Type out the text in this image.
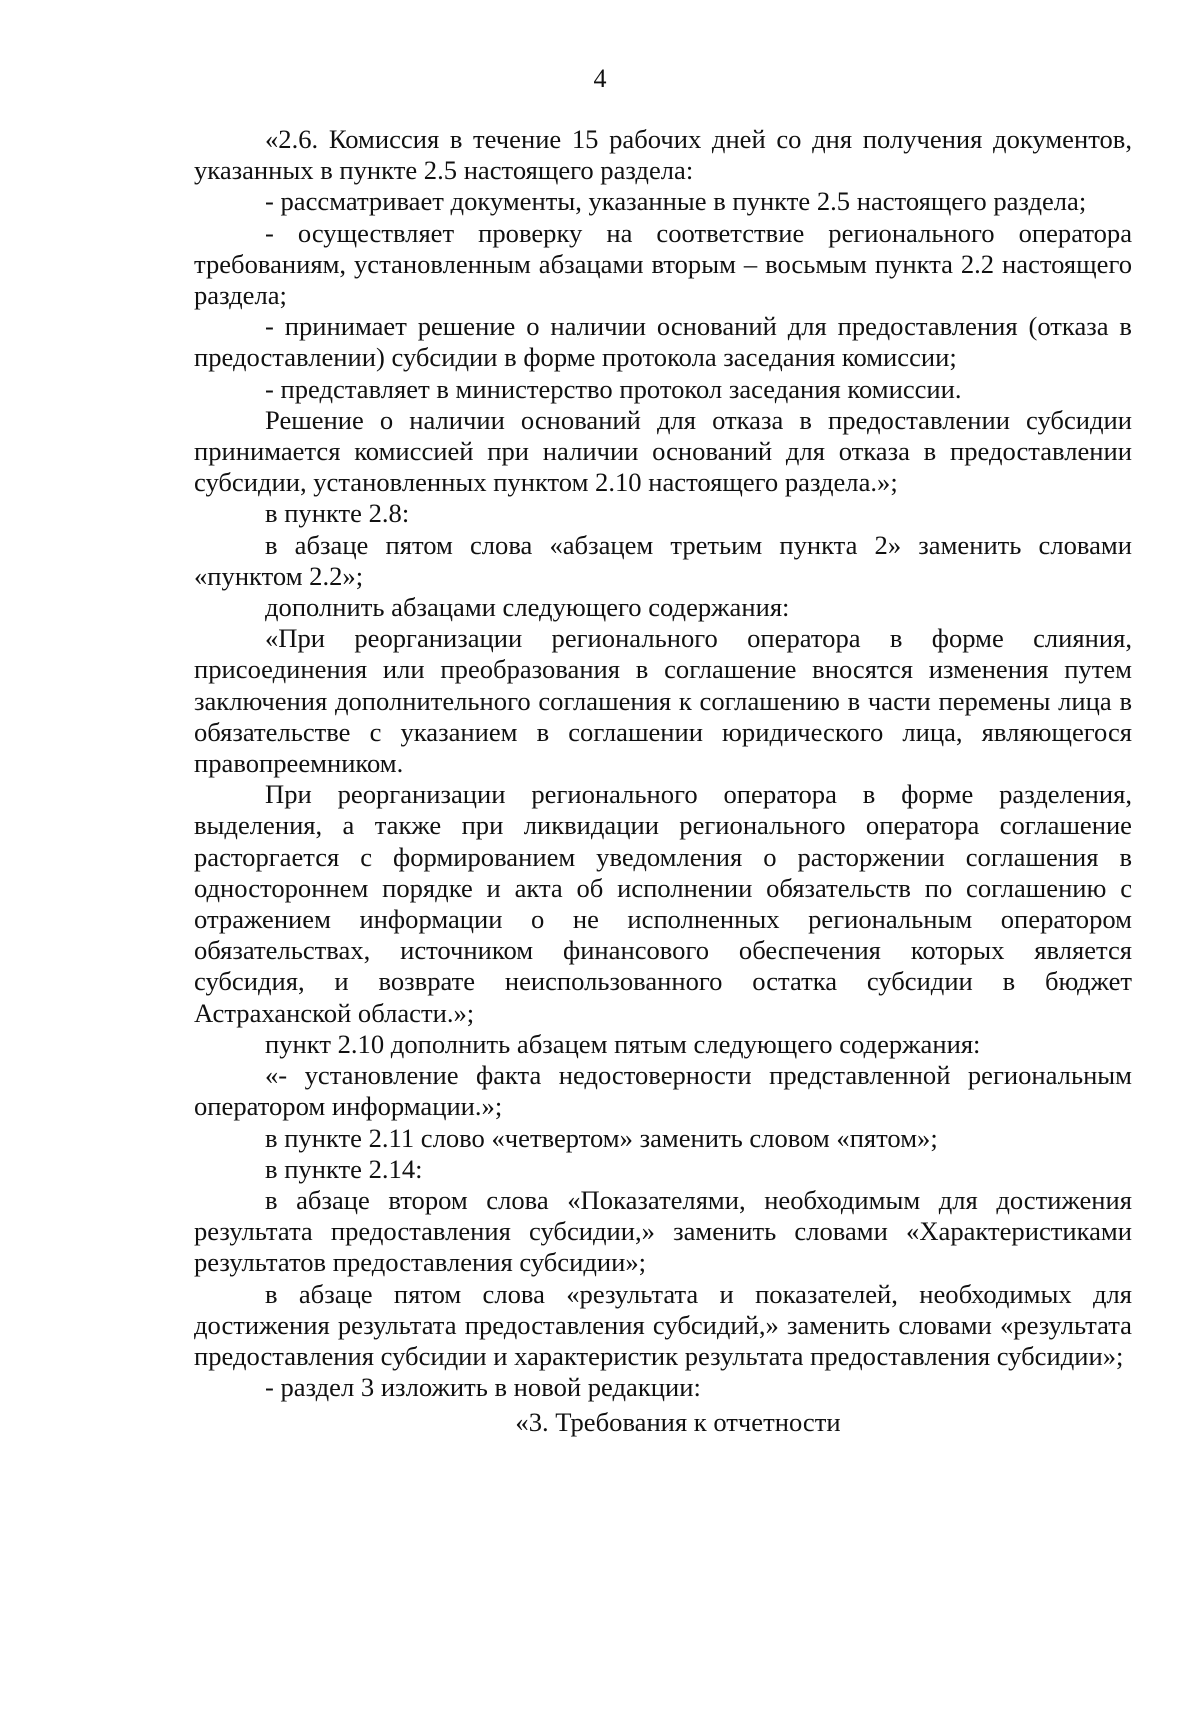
4

«2.6. Комиссия в течение 15 рабочих дней со дня получения документов, указанных в пункте 2.5 настоящего раздела:

- рассматривает документы, указанные в пункте 2.5 настоящего раздела;

- осуществляет проверку на соответствие регионального оператора требованиям, установленным абзацами вторым – восьмым пункта 2.2 настоящего раздела;

- принимает решение о наличии оснований для предоставления (отказа в предоставлении) субсидии в форме протокола заседания комиссии;

- представляет в министерство протокол заседания комиссии.

Решение о наличии оснований для отказа в предоставлении субсидии принимается комиссией при наличии оснований для отказа в предоставлении субсидии, установленных пунктом 2.10 настоящего раздела.»;

в пункте 2.8:

в абзаце пятом слова «абзацем третьим пункта 2» заменить словами «пунктом 2.2»;

дополнить абзацами следующего содержания:

«При реорганизации регионального оператора в форме слияния, присоединения или преобразования в соглашение вносятся изменения путем заключения дополнительного соглашения к соглашению в части перемены лица в обязательстве с указанием в соглашении юридического лица, являющегося правопреемником.

При реорганизации регионального оператора в форме разделения, выделения, а также при ликвидации регионального оператора соглашение расторгается с формированием уведомления о расторжении соглашения в одностороннем порядке и акта об исполнении обязательств по соглашению с отражением информации о не исполненных региональным оператором обязательствах, источником финансового обеспечения которых является субсидия, и возврате неиспользованного остатка субсидии в бюджет Астраханской области.»;

пункт 2.10 дополнить абзацем пятым следующего содержания:

«- установление факта недостоверности представленной региональным оператором информации.»;

в пункте 2.11 слово «четвертом» заменить словом «пятом»;

в пункте 2.14:

в абзаце втором слова «Показателями, необходимым для достижения результата предоставления субсидии,» заменить словами «Характеристиками результатов предоставления субсидии»;

в абзаце пятом слова «результата и показателей, необходимых для достижения результата предоставления субсидий,» заменить словами «результата предоставления субсидии и характеристик результата предоставления субсидии»;

- раздел 3 изложить в новой редакции:

«3. Требования к отчетности
